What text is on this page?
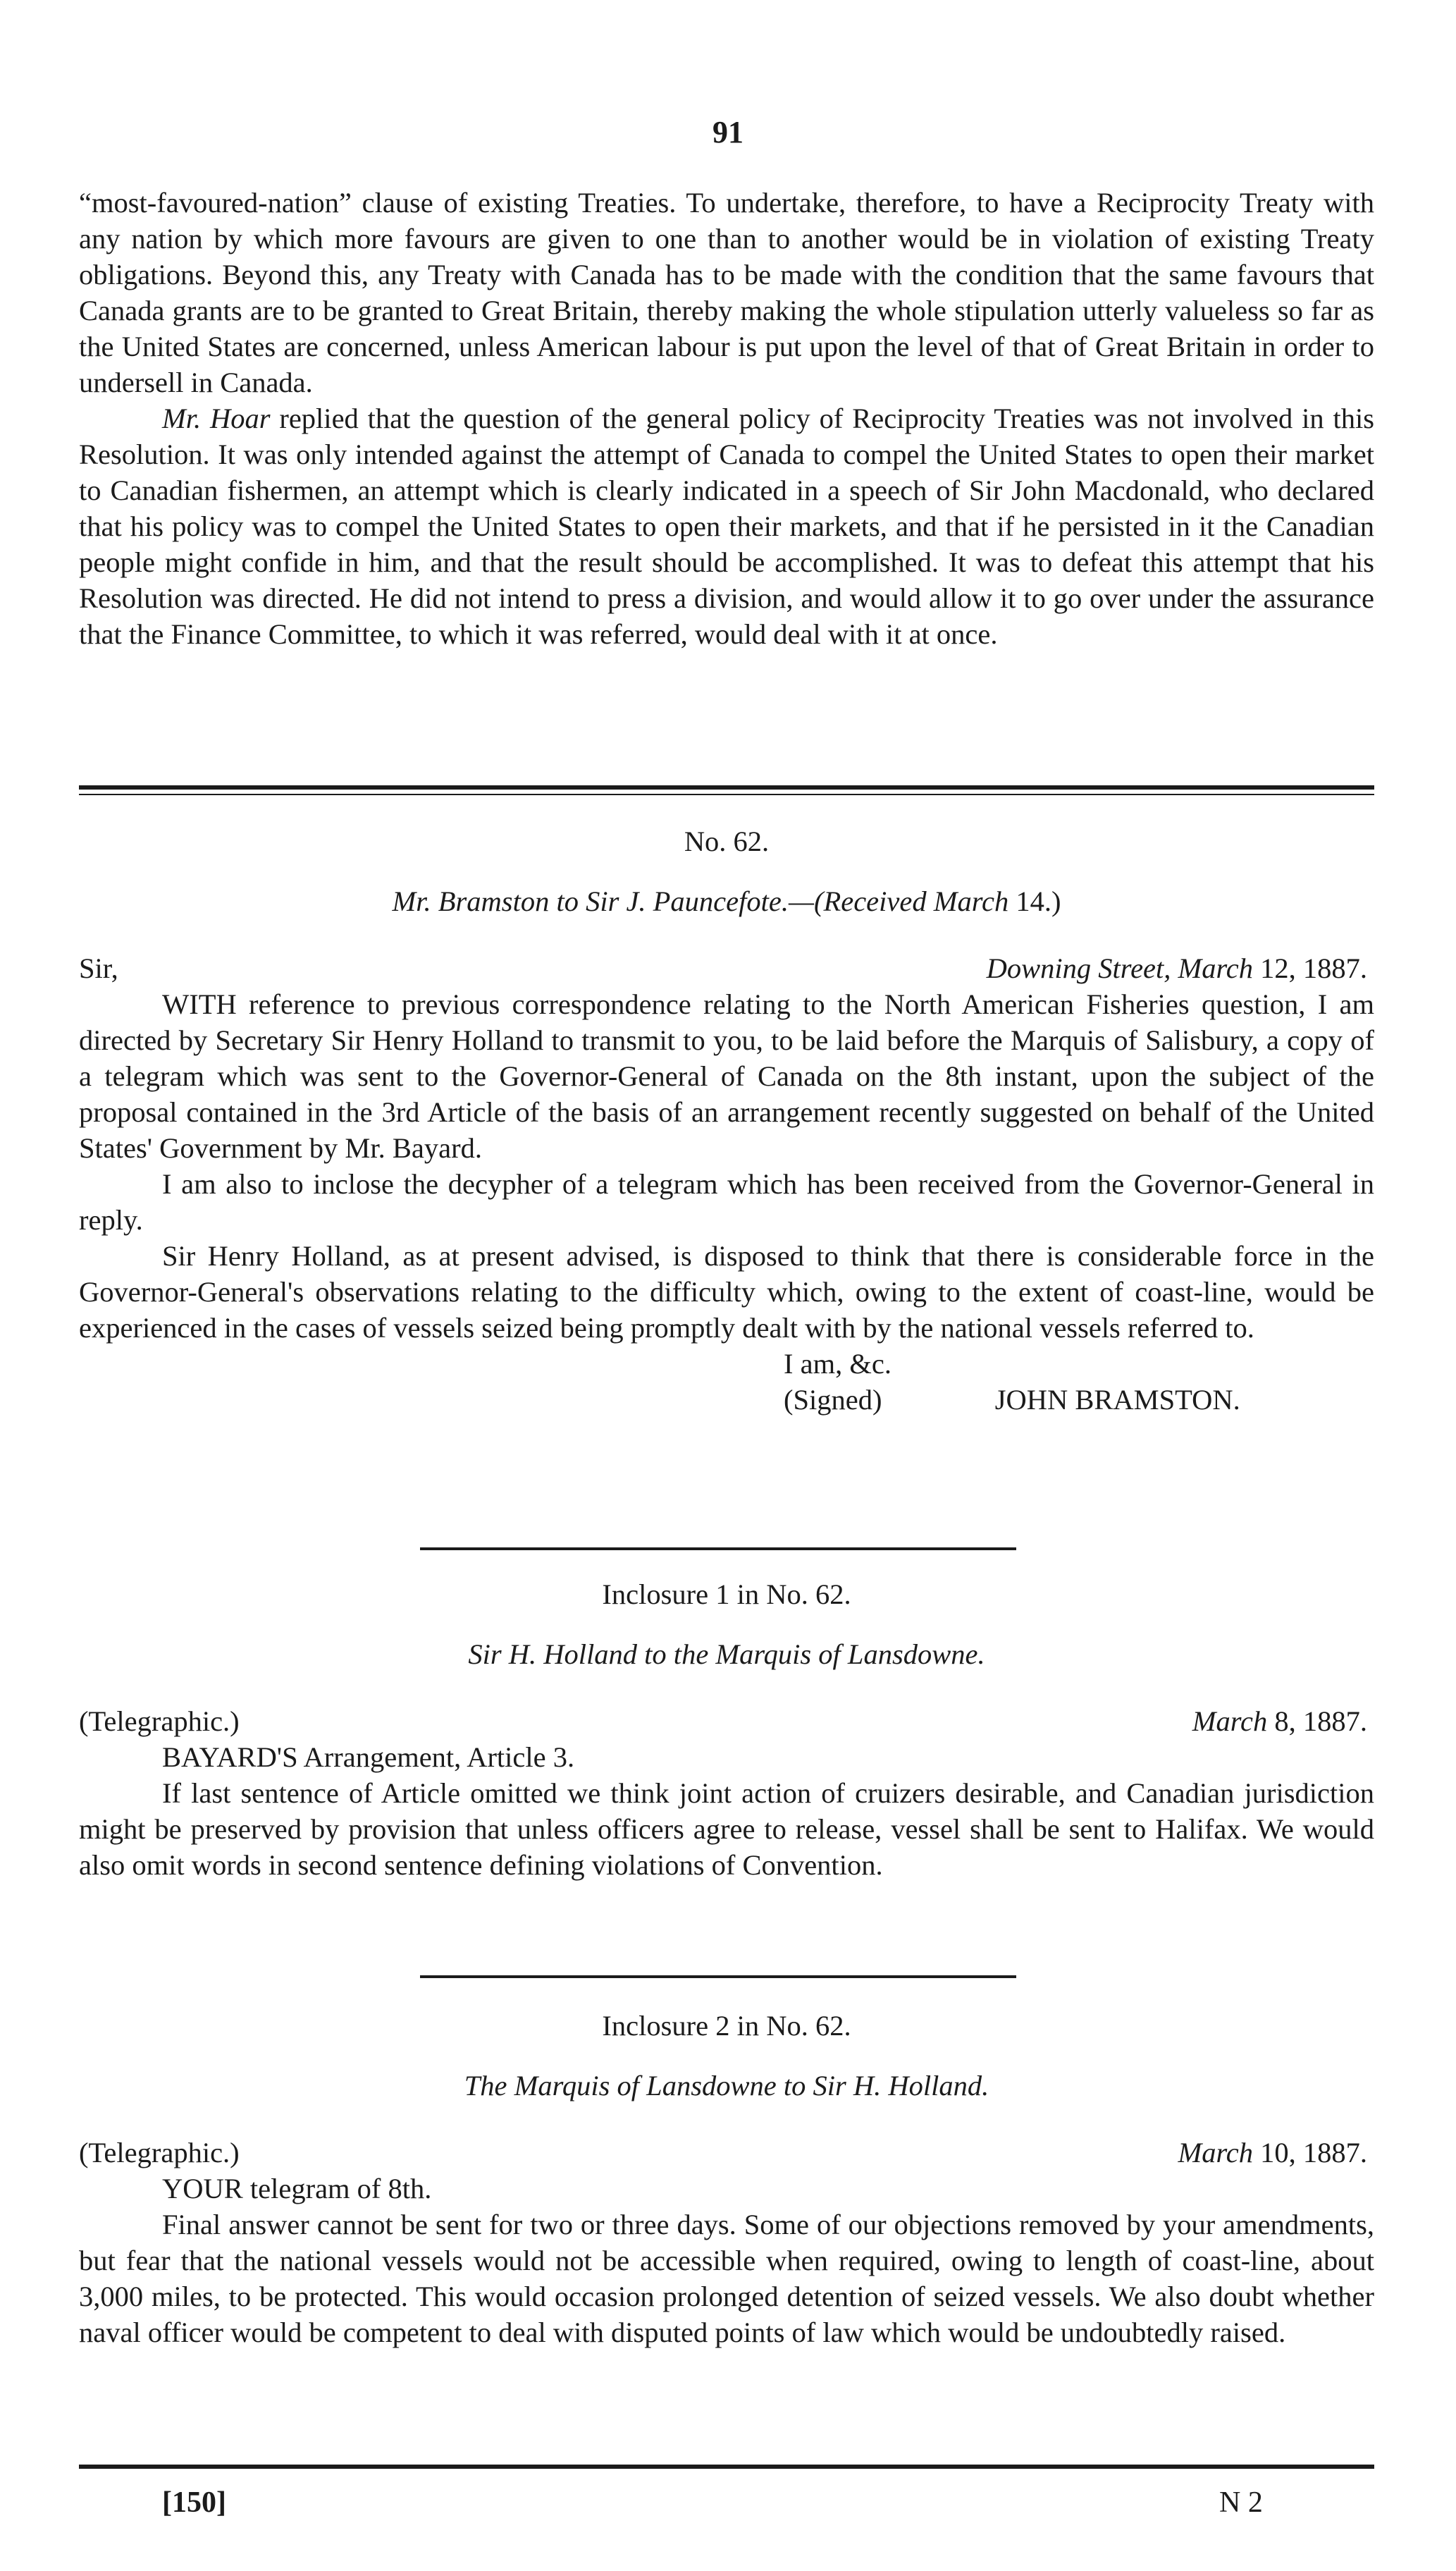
91

“most-favoured-nation” clause of existing Treaties. To undertake, therefore, to have a Reciprocity Treaty with any nation by which more favours are given to one than to another would be in violation of existing Treaty obligations. Beyond this, any Treaty with Canada has to be made with the condition that the same favours that Canada grants are to be granted to Great Britain, thereby making the whole stipulation utterly valueless so far as the United States are concerned, unless American labour is put upon the level of that of Great Britain in order to undersell in Canada.

Mr. Hoar replied that the question of the general policy of Reciprocity Treaties was not involved in this Resolution. It was only intended against the attempt of Canada to compel the United States to open their market to Canadian fishermen, an attempt which is clearly indicated in a speech of Sir John Macdonald, who declared that his policy was to compel the United States to open their markets, and that if he persisted in it the Canadian people might confide in him, and that the result should be accomplished. It was to defeat this attempt that his Resolution was directed. He did not intend to press a division, and would allow it to go over under the assurance that the Finance Committee, to which it was referred, would deal with it at once.

No. 62.
Mr. Bramston to Sir J. Pauncefote.—(Received March 14.)
Sir,	Downing Street, March 12, 1887.

WITH reference to previous correspondence relating to the North American Fisheries question, I am directed by Secretary Sir Henry Holland to transmit to you, to be laid before the Marquis of Salisbury, a copy of a telegram which was sent to the Governor-General of Canada on the 8th instant, upon the subject of the proposal contained in the 3rd Article of the basis of an arrangement recently suggested on behalf of the United States' Government by Mr. Bayard.

I am also to inclose the decypher of a telegram which has been received from the Governor-General in reply.

Sir Henry Holland, as at present advised, is disposed to think that there is considerable force in the Governor-General's observations relating to the difficulty which, owing to the extent of coast-line, would be experienced in the cases of vessels seized being promptly dealt with by the national vessels referred to.

I am, &c.
(Signed)	JOHN BRAMSTON.
Inclosure 1 in No. 62.
Sir H. Holland to the Marquis of Lansdowne.
(Telegraphic.)	March 8, 1887.
BAYARD'S Arrangement, Article 3.

If last sentence of Article omitted we think joint action of cruizers desirable, and Canadian jurisdiction might be preserved by provision that unless officers agree to release, vessel shall be sent to Halifax. We would also omit words in second sentence defining violations of Convention.

Inclosure 2 in No. 62.
The Marquis of Lansdowne to Sir H. Holland.
(Telegraphic.)	March 10, 1887.
YOUR telegram of 8th.

Final answer cannot be sent for two or three days. Some of our objections removed by your amendments, but fear that the national vessels would not be accessible when required, owing to length of coast-line, about 3,000 miles, to be protected. This would occasion prolonged detention of seized vessels. We also doubt whether naval officer would be competent to deal with disputed points of law which would be undoubtedly raised.

[150]	N 2
